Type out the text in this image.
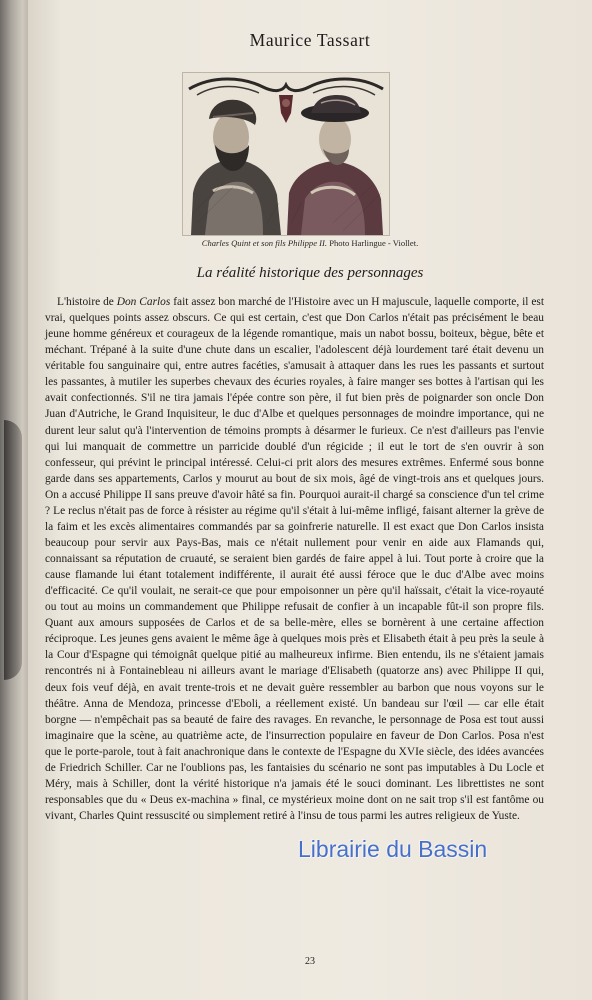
Maurice Tassart
Charles Quint et son fils Philippe II. Photo Harlingue - Viollet.
La réalité historique des personnages
L'histoire de Don Carlos fait assez bon marché de l'Histoire avec un H majuscule, laquelle comporte, il est vrai, quelques points assez obscurs. Ce qui est certain, c'est que Don Carlos n'était pas précisément le beau jeune homme généreux et courageux de la légende romantique, mais un nabot bossu, boiteux, bègue, bête et méchant. Trépané à la suite d'une chute dans un escalier, l'adolescent déjà lourdement taré était devenu un véritable fou sanguinaire qui, entre autres facéties, s'amusait à attaquer dans les rues les passants et surtout les passantes, à mutiler les superbes chevaux des écuries royales, à faire manger ses bottes à l'artisan qui les avait confectionnés. S'il ne tira jamais l'épée contre son père, il fut bien près de poignarder son oncle Don Juan d'Autriche, le Grand Inquisiteur, le duc d'Albe et quelques personnages de moindre importance, qui ne durent leur salut qu'à l'intervention de témoins prompts à désarmer le furieux. Ce n'est d'ailleurs pas l'envie qui lui manquait de commettre un parricide doublé d'un régicide ; il eut le tort de s'en ouvrir à son confesseur, qui prévint le principal intéressé. Celui-ci prit alors des mesures extrêmes. Enfermé sous bonne garde dans ses appartements, Carlos y mourut au bout de six mois, âgé de vingt-trois ans et quelques jours. On a accusé Philippe II sans preuve d'avoir hâté sa fin. Pourquoi aurait-il chargé sa conscience d'un tel crime ? Le reclus n'était pas de force à résister au régime qu'il s'était à lui-même infligé, faisant alterner la grève de la faim et les excès alimentaires commandés par sa goinfrerie naturelle. Il est exact que Don Carlos insista beaucoup pour servir aux Pays-Bas, mais ce n'était nullement pour venir en aide aux Flamands qui, connaissant sa réputation de cruauté, se seraient bien gardés de faire appel à lui. Tout porte à croire que la cause flamande lui étant totalement indifférente, il aurait été aussi féroce que le duc d'Albe avec moins d'efficacité. Ce qu'il voulait, ne serait-ce que pour empoisonner un père qu'il haïssait, c'était la vice-royauté ou tout au moins un commandement que Philippe refusait de confier à un incapable fût-il son propre fils. Quant aux amours supposées de Carlos et de sa belle-mère, elles se bornèrent à une certaine affection réciproque. Les jeunes gens avaient le même âge à quelques mois près et Elisabeth était à peu près la seule à la Cour d'Espagne qui témoignât quelque pitié au malheureux infirme. Bien entendu, ils ne s'étaient jamais rencontrés ni à Fontainebleau ni ailleurs avant le mariage d'Elisabeth (quatorze ans) avec Philippe II qui, deux fois veuf déjà, en avait trente-trois et ne devait guère ressembler au barbon que nous voyons sur le théâtre. Anna de Mendoza, princesse d'Eboli, a réellement existé. Un bandeau sur l'œil — car elle était borgne — n'empêchait pas sa beauté de faire des ravages. En revanche, le personnage de Posa est tout aussi imaginaire que la scène, au quatrième acte, de l'insurrection populaire en faveur de Don Carlos. Posa n'est que le porte-parole, tout à fait anachronique dans le contexte de l'Espagne du XVIe siècle, des idées avancées de Friedrich Schiller. Car ne l'oublions pas, les fantaisies du scénario ne sont pas imputables à Du Locle et Méry, mais à Schiller, dont la vérité historique n'a jamais été le souci dominant. Les librettistes ne sont responsables que du « Deus ex-machina » final, ce mystérieux moine dont on ne sait trop s'il est fantôme ou vivant, Charles Quint ressuscité ou simplement retiré à l'insu de tous parmi les autres religieux de Yuste.
23
Librairie du Bassin
